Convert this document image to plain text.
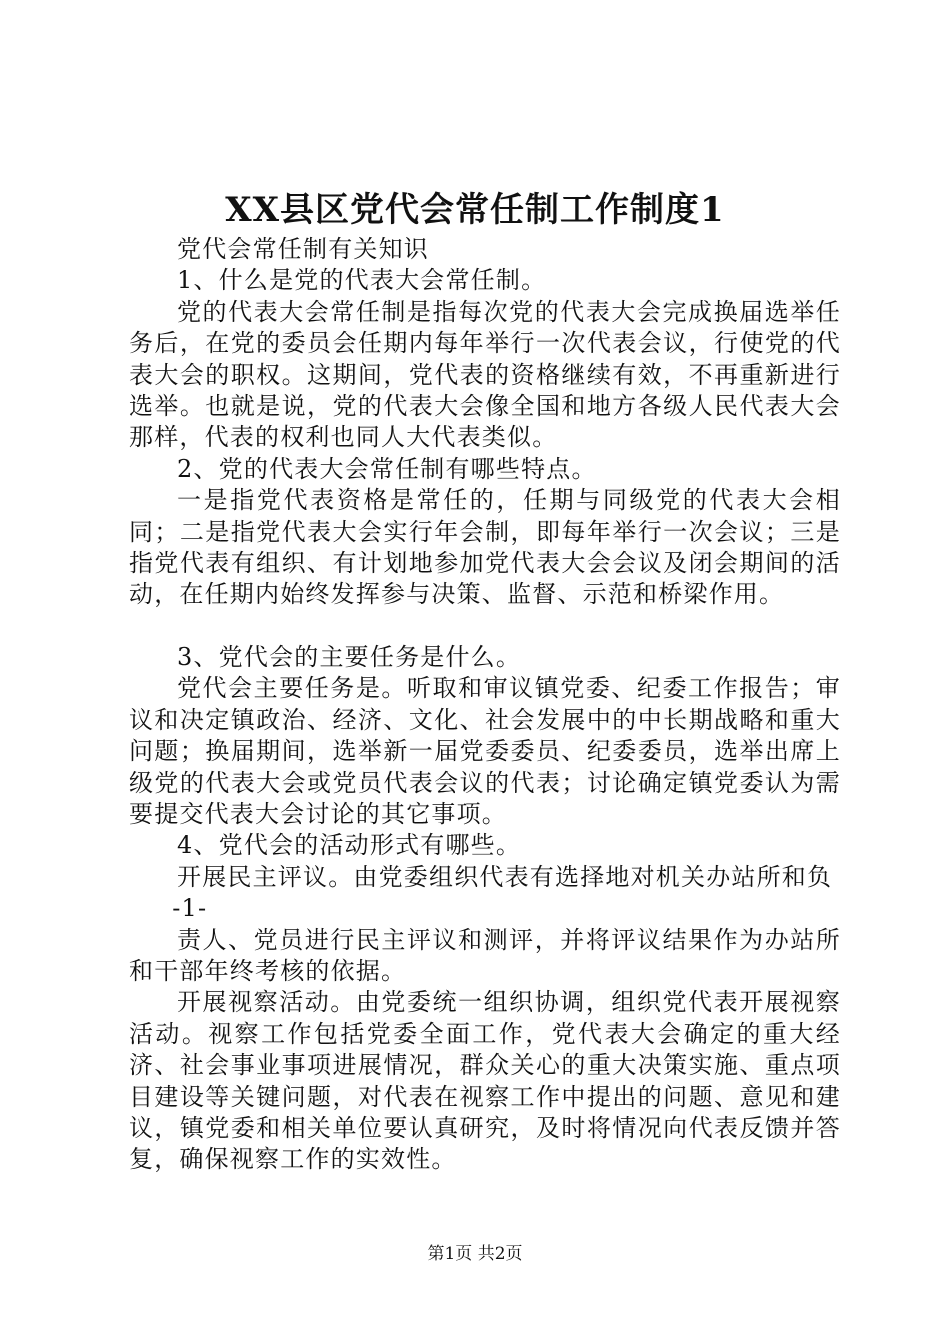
XX县区党代会常任制工作制度1

党代会常任制有关知识

1、什么是党的代表大会常任制。

党的代表大会常任制是指每次党的代表大会完成换届选举任务后，在党的委员会任期内每年举行一次代表会议，行使党的代表大会的职权。这期间，党代表的资格继续有效，不再重新进行选举。也就是说，党的代表大会像全国和地方各级人民代表大会那样，代表的权利也同人大代表类似。

2、党的代表大会常任制有哪些特点。

一是指党代表资格是常任的，任期与同级党的代表大会相同；二是指党代表大会实行年会制，即每年举行一次会议；三是指党代表有组织、有计划地参加党代表大会会议及闭会期间的活动，在任期内始终发挥参与决策、监督、示范和桥梁作用。

3、党代会的主要任务是什么。

党代会主要任务是。听取和审议镇党委、纪委工作报告；审议和决定镇政治、经济、文化、社会发展中的中长期战略和重大问题；换届期间，选举新一届党委委员、纪委委员，选举出席上级党的代表大会或党员代表会议的代表；讨论确定镇党委认为需要提交代表大会讨论的其它事项。

4、党代会的活动形式有哪些。

开展民主评议。由党委组织代表有选择地对机关办站所和负

-1-

责人、党员进行民主评议和测评，并将评议结果作为办站所和干部年终考核的依据。

开展视察活动。由党委统一组织协调，组织党代表开展视察活动。视察工作包括党委全面工作，党代表大会确定的重大经济、社会事业事项进展情况，群众关心的重大决策实施、重点项目建设等关键问题，对代表在视察工作中提出的问题、意见和建议，镇党委和相关单位要认真研究，及时将情况向代表反馈并答复，确保视察工作的实效性。

第1页 共2页
